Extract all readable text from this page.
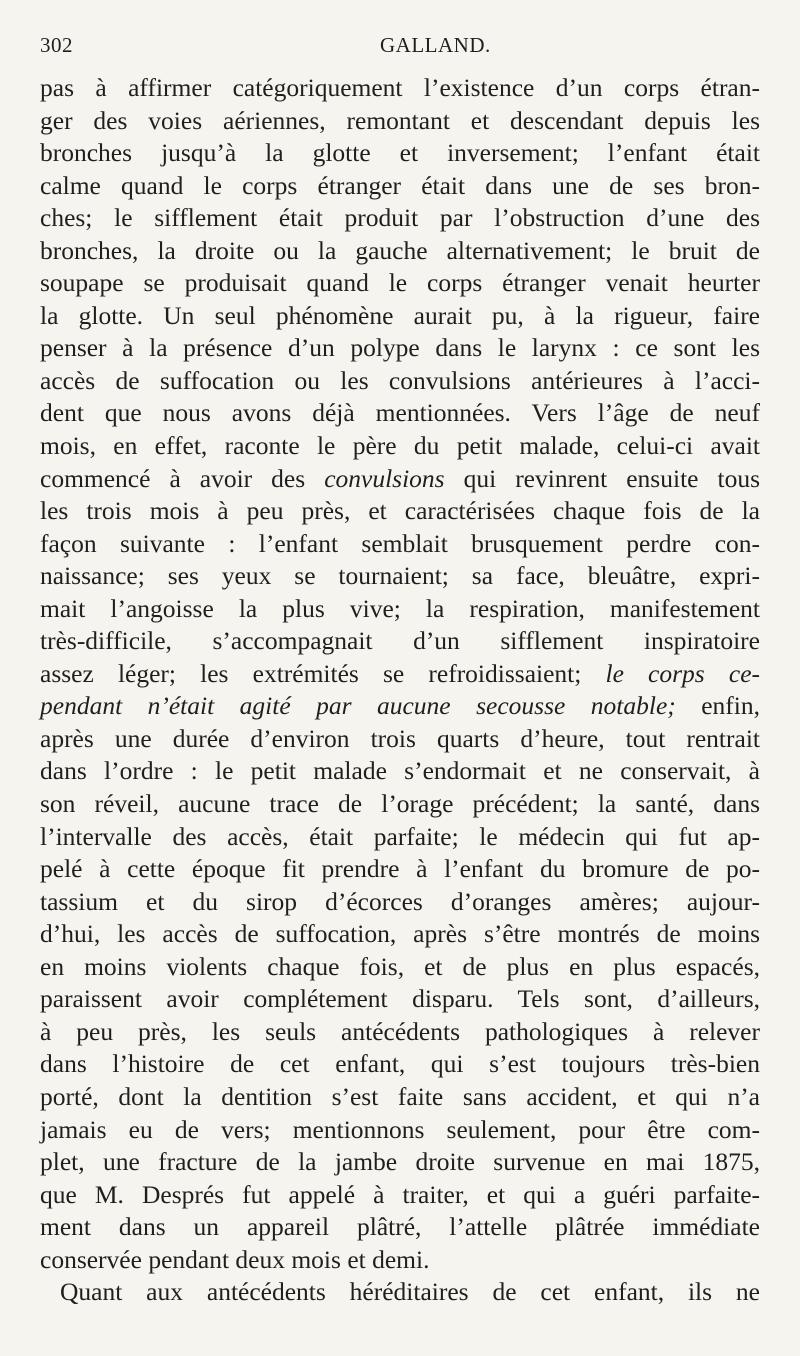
302	GALLAND.
pas à affirmer catégoriquement l’existence d’un corps étran-
ger des voies aériennes, remontant et descendant depuis les
bronches jusqu’à la glotte et inversement; l’enfant était
calme quand le corps étranger était dans une de ses bron-
ches; le sifflement était produit par l’obstruction d’une des
bronches, la droite ou la gauche alternativement; le bruit de
soupape se produisait quand le corps étranger venait heurter
la glotte. Un seul phénomène aurait pu, à la rigueur, faire
penser à la présence d’un polype dans le larynx : ce sont les
accès de suffocation ou les convulsions antérieures à l’acci-
dent que nous avons déjà mentionnées. Vers l’âge de neuf
mois, en effet, raconte le père du petit malade, celui-ci avait
commencé à avoir des convulsions qui revinrent ensuite tous
les trois mois à peu près, et caractérisées chaque fois de la
façon suivante : l’enfant semblait brusquement perdre con-
naissance; ses yeux se tournaient; sa face, bleuâtre, expri-
mait l’angoisse la plus vive; la respiration, manifestement
très-difficile, s’accompagnait d’un sifflement inspiratoire
assez léger; les extrémités se refroidissaient; le corps ce-
pendant n’était agité par aucune secousse notable; enfin,
après une durée d’environ trois quarts d’heure, tout rentrait
dans l’ordre : le petit malade s’endormait et ne conservait, à
son réveil, aucune trace de l’orage précédent; la santé, dans
l’intervalle des accès, était parfaite; le médecin qui fut ap-
pelé à cette époque fit prendre à l’enfant du bromure de po-
tassium et du sirop d’écorces d’oranges amères; aujour-
d’hui, les accès de suffocation, après s’être montrés de moins
en moins violents chaque fois, et de plus en plus espacés,
paraissent avoir complétement disparu. Tels sont, d’ailleurs,
à peu près, les seuls antécédents pathologiques à relever
dans l’histoire de cet enfant, qui s’est toujours très-bien
porté, dont la dentition s’est faite sans accident, et qui n’a
jamais eu de vers; mentionnons seulement, pour être com-
plet, une fracture de la jambe droite survenue en mai 1875,
que M. Després fut appelé à traiter, et qui a guéri parfaite-
ment dans un appareil plâtré, l’attelle plâtrée immédiate
conservée pendant deux mois et demi.
Quant aux antécédents héréditaires de cet enfant, ils ne
